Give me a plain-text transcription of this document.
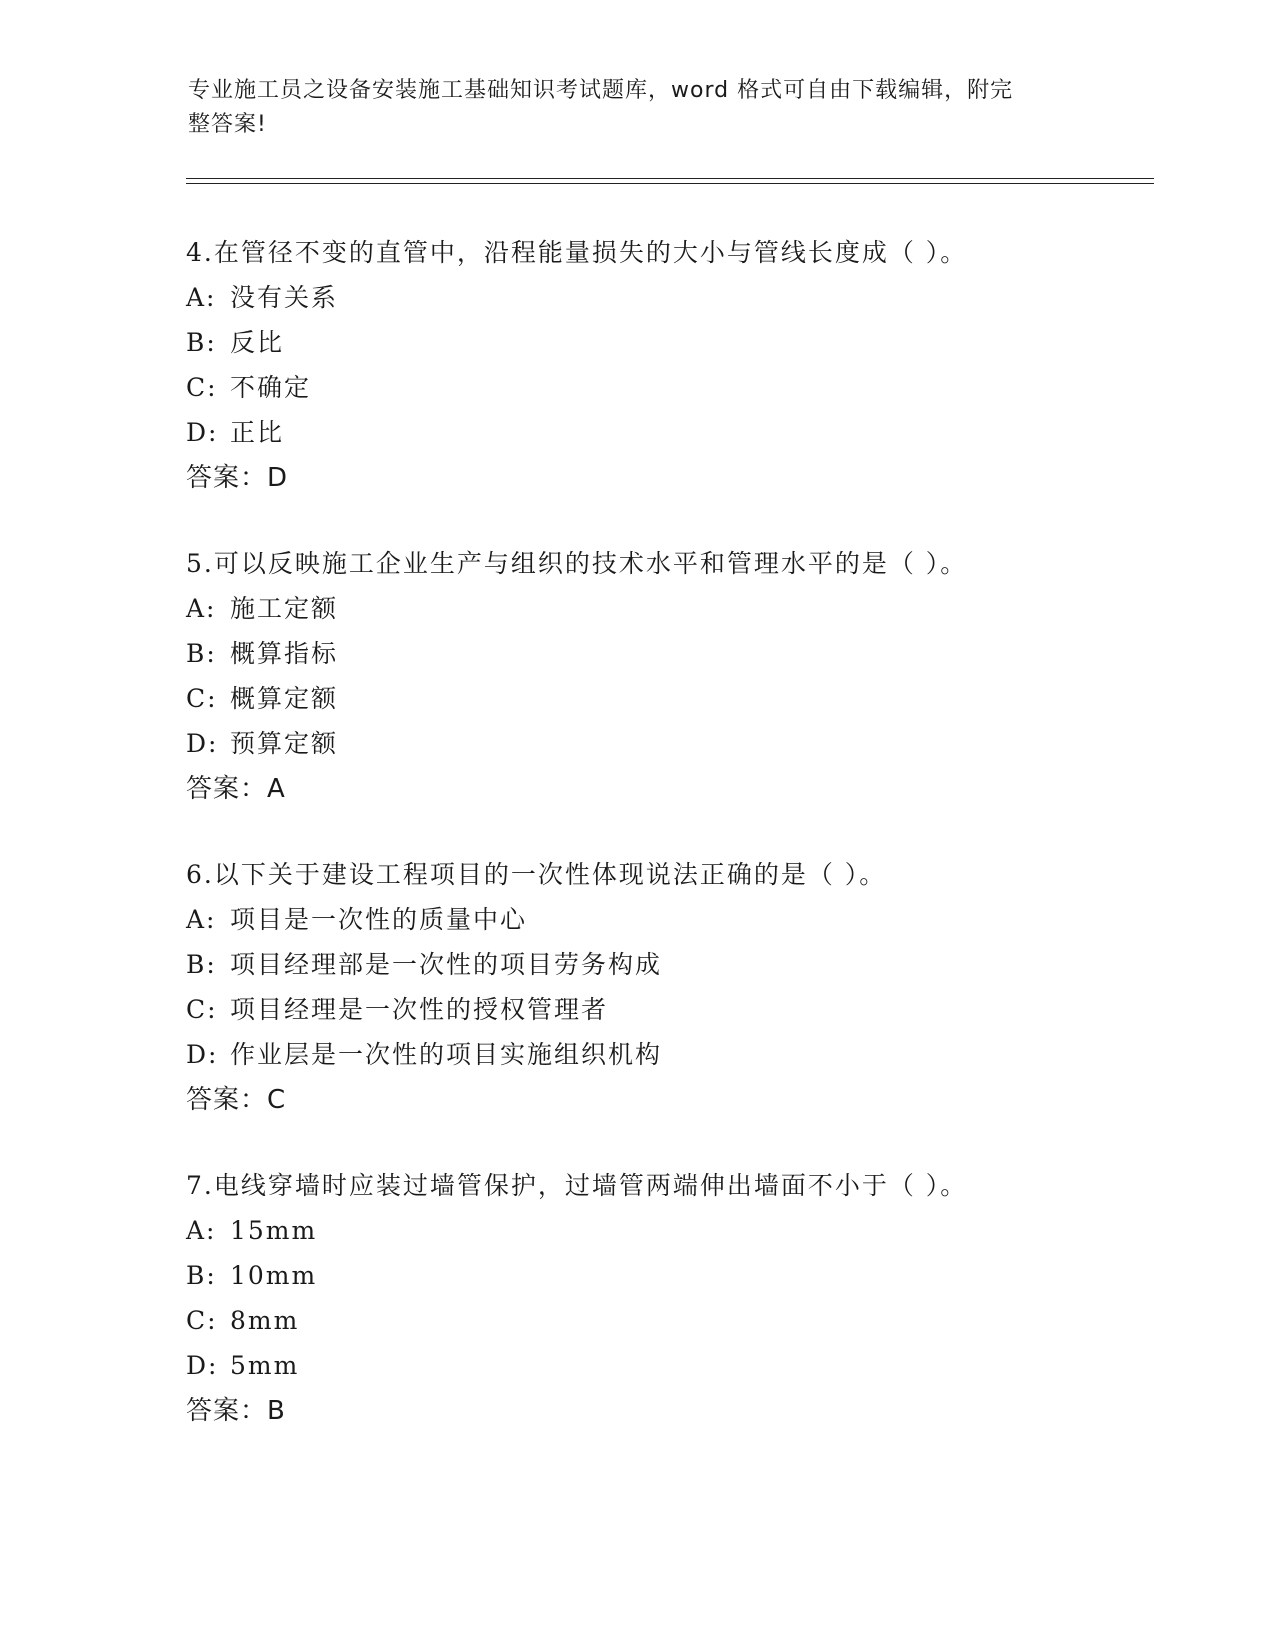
专业施工员之设备安装施工基础知识考试题库，word 格式可自由下载编辑，附完
整答案!
4.在管径不变的直管中，沿程能量损失的大小与管线长度成（ ）。
A: 没有关系
B: 反比
C: 不确定
D: 正比
答案：D
5.可以反映施工企业生产与组织的技术水平和管理水平的是（ ）。
A: 施工定额
B: 概算指标
C: 概算定额
D: 预算定额
答案：A
6.以下关于建设工程项目的一次性体现说法正确的是（ ）。
A: 项目是一次性的质量中心
B: 项目经理部是一次性的项目劳务构成
C: 项目经理是一次性的授权管理者
D: 作业层是一次性的项目实施组织机构
答案：C
7.电线穿墙时应装过墙管保护，过墙管两端伸出墙面不小于（ ）。
A: 15mm
B: 10mm
C: 8mm
D: 5mm
答案：B
